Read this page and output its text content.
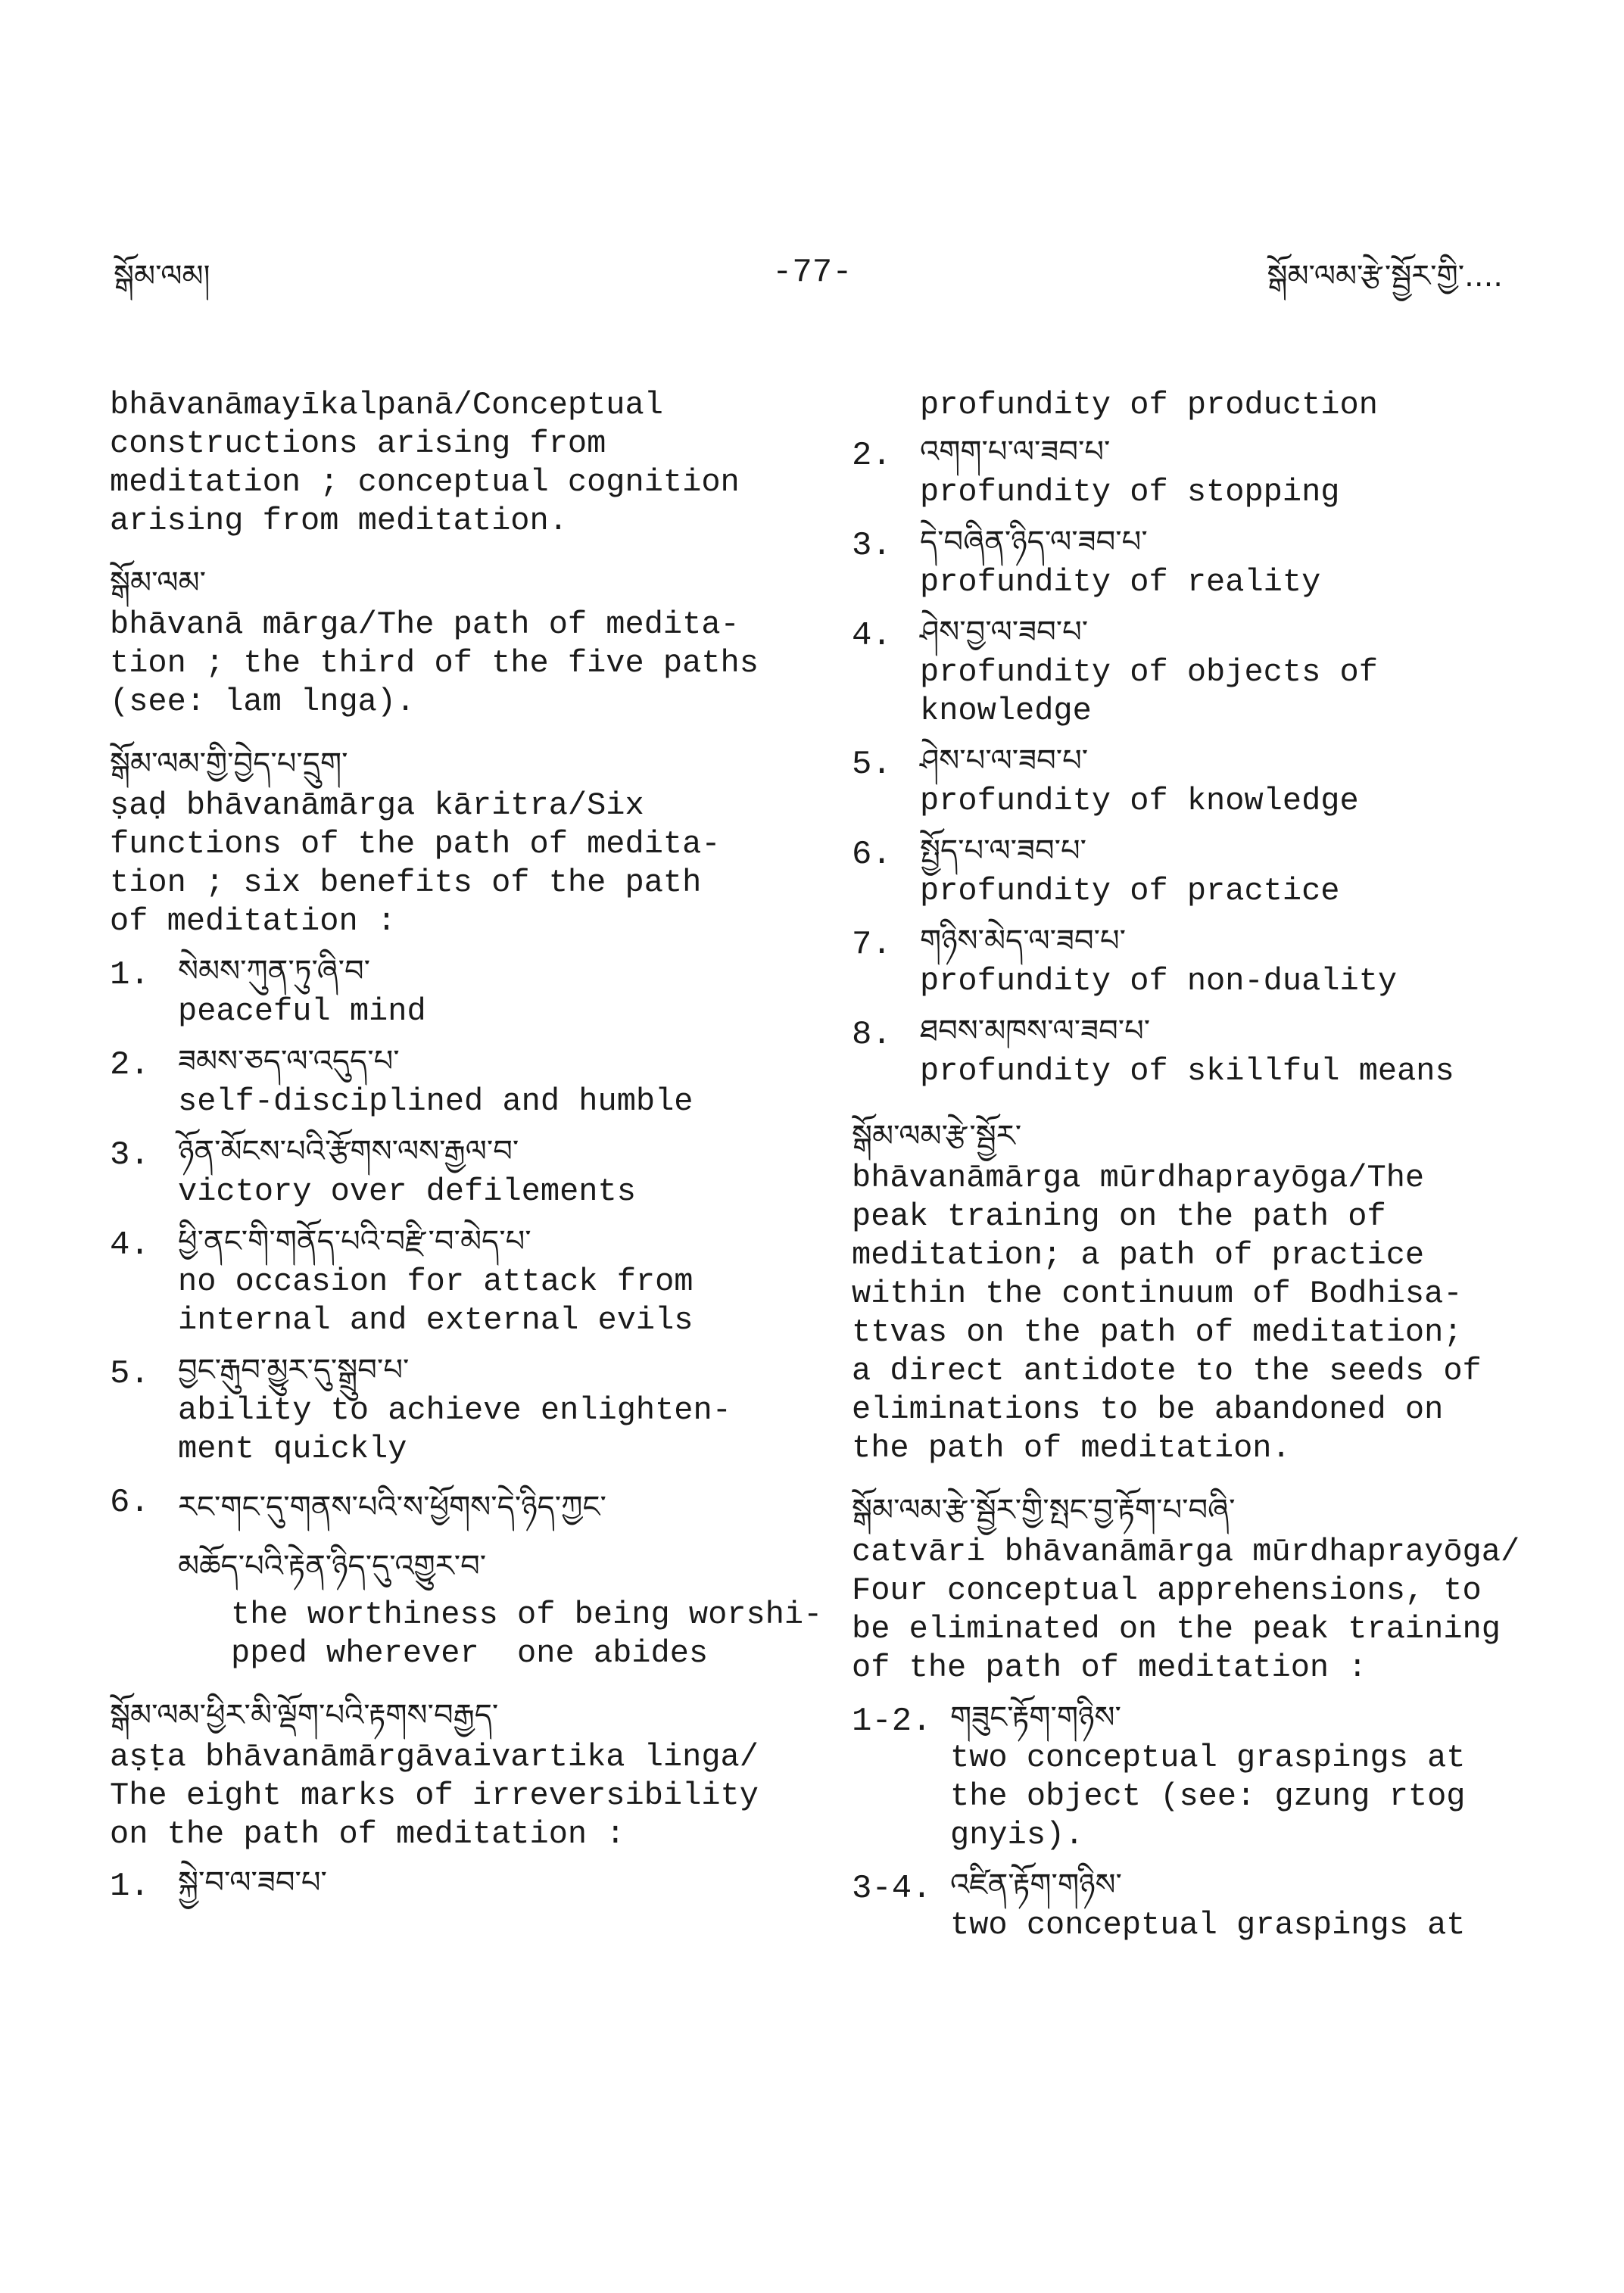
སྒོམ་ལམ།	-77-	སྒོམ་ལམ་རྩེ་སྦྱོར་གྱི་....

bhāvanāmayīkalpanā/Conceptual
constructions arising from
meditation ; conceptual cognition
arising from meditation.

སྒོམ་ལམ་

bhāvanā mārga/The path of medita-
tion ; the third of the five paths
(see: lam lnga).

སྒོམ་ལམ་གྱི་བྱེད་པ་དྲུག་

ṣaḍ bhāvanāmārga kāritra/Six
functions of the path of medita-
tion ; six benefits of the path
of meditation :

1. སེམས་ཀུན་ཏུ་ཞི་བ་

peaceful mind

2. ཟམས་ཅད་ལ་འདུད་པ་

self-disciplined and humble

3. ཉོན་མོངས་པའི་རྩོགས་ལས་རྒྱལ་བ་

victory over defilements

4. ཕྱི་ནང་གི་གནོད་པའི་བརྫི་བ་མེད་པ་

no occasion for attack from
internal and external evils

5. བྱང་རྒུབ་མྱུར་དུ་སྒྲུབ་པ་

ability to achieve enlighten-
ment quickly

6. རང་གང་དུ་གནས་པའི་ས་ཕྱོགས་དེ་ཉིད་ཀྱང་
མཆོད་པའི་རྟེན་ཉིད་དུ་འགྱུར་བ་

the worthiness of being worshi-
pped wherever  one abides

སྒོམ་ལམ་ཕྱིར་མི་ལྡོག་པའི་རྟགས་བརྒྱད་

aṣṭa bhāvanāmārgāvaivartika linga/
The eight marks of irreversibility
on the path of meditation :

1. སྐྱེ་བ་ལ་ཟབ་པ་

profundity of production

2. འགག་པ་ལ་ཟབ་པ་

profundity of stopping

3. དེ་བཞིན་ཉིད་ལ་ཟབ་པ་

profundity of reality

4. ཤེས་བྱ་ལ་ཟབ་པ་

profundity of objects of
knowledge

5. ཤེས་པ་ལ་ཟབ་པ་

profundity of knowledge

6. སྤྱོད་པ་ལ་ཟབ་པ་

profundity of practice

7. གཉིས་མེད་ལ་ཟབ་པ་

profundity of non-duality

8. ཐབས་མཁས་ལ་ཟབ་པ་

profundity of skillful means

སྒོམ་ལམ་རྩེ་སྦྱོར་

bhāvanāmārga mūrdhaprayōga/The
peak training on the path of
meditation; a path of practice
within the continuum of Bodhisa-
ttvas on the path of meditation;
a direct antidote to the seeds of
eliminations to be abandoned on
the path of meditation.

སྒོམ་ལམ་རྩེ་སྦྱོར་གྱི་སྤང་བྱ་རྟོག་པ་བཞི་

catvāri bhāvanāmārga mūrdhaprayōga/
Four conceptual apprehensions, to
be eliminated on the peak training
of the path of meditation :

1-2. གཟུང་རྟོག་གཉིས་

two conceptual graspings at
the object (see: gzung rtog
gnyis).

3-4. འཛིན་རྟོག་གཉིས་

two conceptual graspings at
